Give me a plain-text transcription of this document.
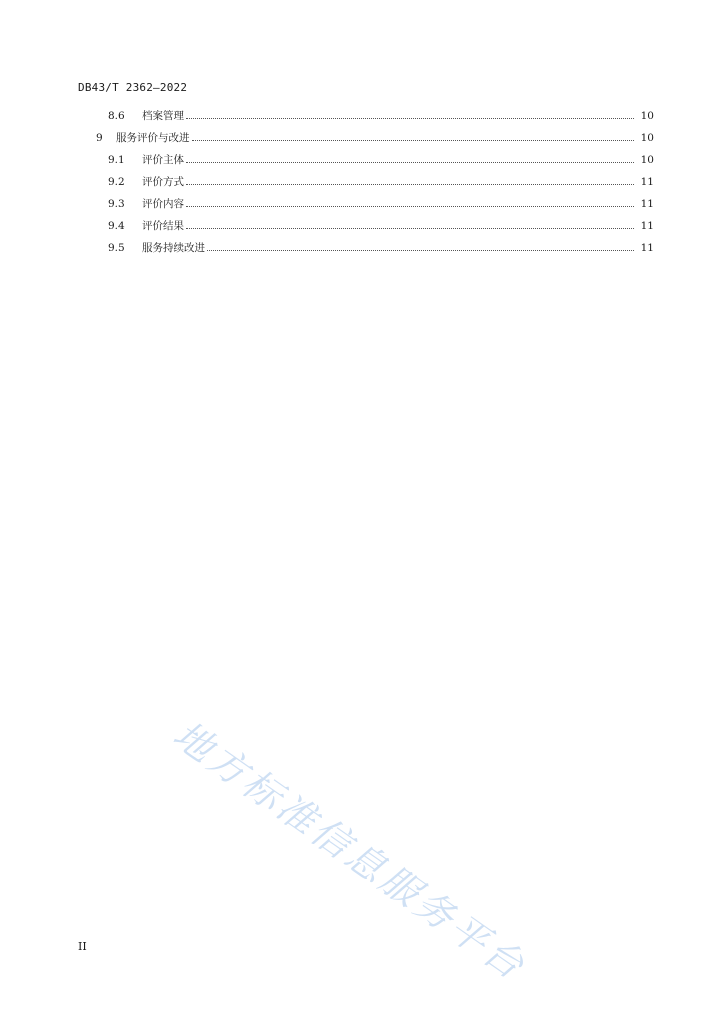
DB43/T 2362—2022
8.6	档案管理	10
9	服务评价与改进	10
9.1	评价主体	10
9.2	评价方式	11
9.3	评价内容	11
9.4	评价结果	11
9.5	服务持续改进	11
地方标准信息服务平台
II
